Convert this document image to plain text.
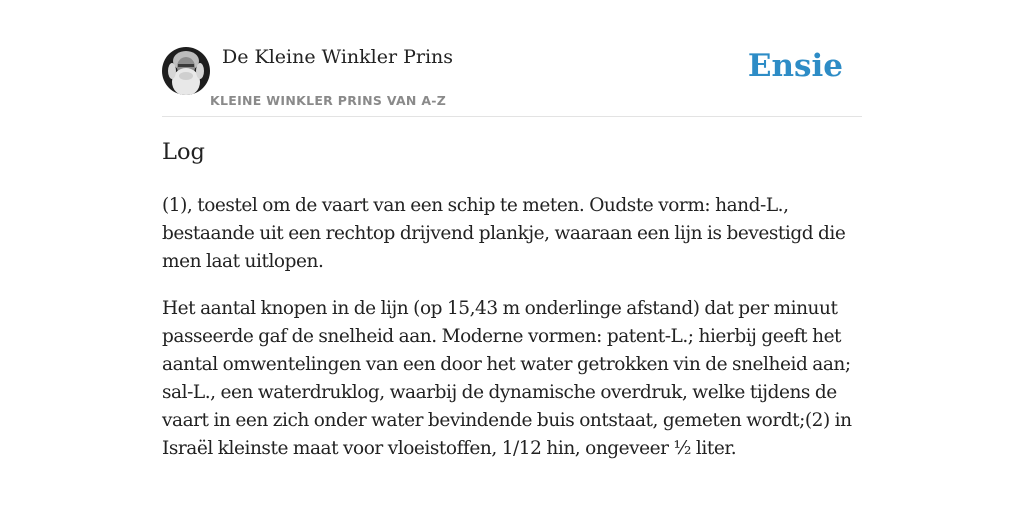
De Kleine Winkler Prins
KLEINE WINKLER PRINS VAN A-Z
Ensie
Log

(1), toestel om de vaart van een schip te meten. Oudste vorm: hand-L., bestaande uit een rechtop drijvend plankje, waaraan een lijn is bevestigd die men laat uitlopen.

Het aantal knopen in de lijn (op 15,43 m onderlinge afstand) dat per minuut passeerde gaf de snelheid aan. Moderne vormen: patent-L.; hierbij geeft het aantal omwentelingen van een door het water getrokken vin de snelheid aan; sal-L., een waterdruklog, waarbij de dynamische overdruk, welke tijdens de vaart in een zich onder water bevindende buis ontstaat, gemeten wordt;(2) in Israël kleinste maat voor vloeistoffen, 1/12 hin, ongeveer ½ liter.
